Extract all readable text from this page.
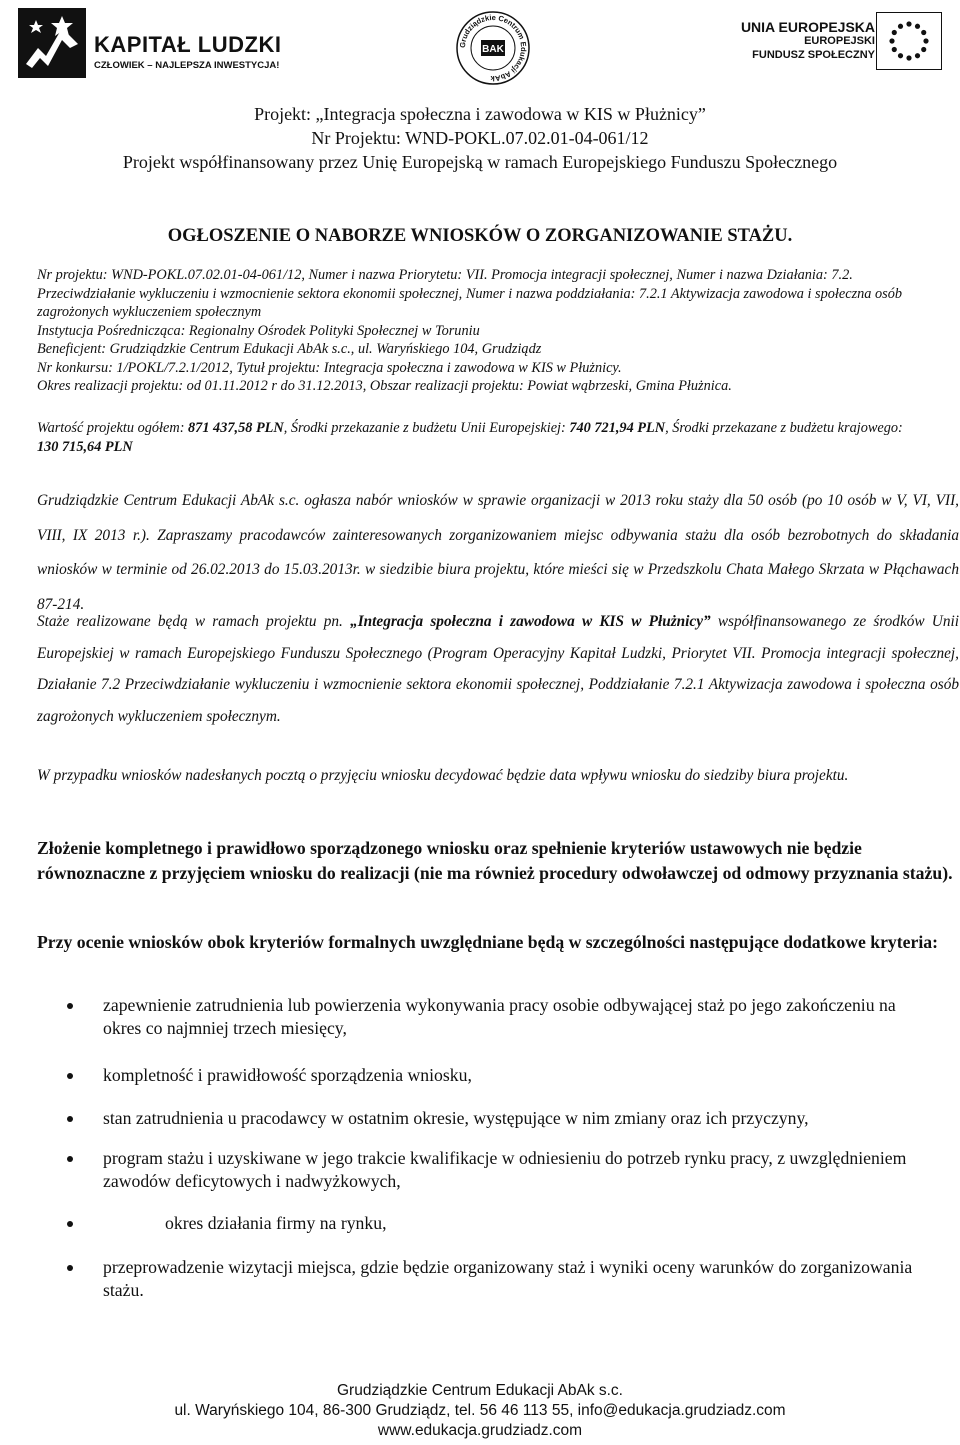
KAPITAŁ LUDZKI
CZŁOWIEK – NAJLEPSZA INWESTYCJA!
Grudziądzkie Centrum Edukacji AbAk
BAK
UNIA EUROPEJSKA
EUROPEJSKI
FUNDUSZ SPOŁECZNY
Projekt: „Integracja społeczna i zawodowa w KIS w Płużnicy”
Nr Projektu: WND-POKL.07.02.01-04-061/12
Projekt współfinansowany przez Unię Europejską w ramach Europejskiego Funduszu Społecznego
OGŁOSZENIE O NABORZE WNIOSKÓW O ZORGANIZOWANIE STAŻU.

Nr projektu: WND-POKL.07.02.01-04-061/12, Numer i nazwa Priorytetu: VII. Promocja integracji społecznej, Numer i nazwa Działania: 7.2. Przeciwdziałanie wykluczeniu i wzmocnienie sektora ekonomii społecznej, Numer i nazwa poddziałania: 7.2.1 Aktywizacja zawodowa i społeczna osób zagrożonych wykluczeniem społecznym

Instytucja Pośrednicząca: Regionalny Ośrodek Polityki Społecznej w Toruniu

Beneficjent: Grudziądzkie Centrum Edukacji AbAk s.c., ul. Waryńskiego 104, Grudziądz

Nr konkursu: 1/POKL/7.2.1/2012, Tytuł projektu: Integracja społeczna i zawodowa w KIS w Płużnicy.

Okres realizacji projektu: od 01.11.2012 r do 31.12.2013, Obszar realizacji projektu: Powiat wąbrzeski, Gmina Płużnica.

Wartość projektu ogółem: 871 437,58 PLN, Środki przekazanie z budżetu Unii Europejskiej: 740 721,94 PLN, Środki przekazane z budżetu krajowego: 130 715,64 PLN

Grudziądzkie Centrum Edukacji AbAk s.c. ogłasza nabór wniosków w sprawie organizacji w 2013 roku staży dla 50 osób (po 10 osób w V, VI, VII, VIII, IX 2013 r.). Zapraszamy pracodawców zainteresowanych zorganizowaniem miejsc odbywania stażu dla osób bezrobotnych do składania wniosków w terminie od 26.02.2013 do 15.03.2013r. w siedzibie biura projektu, które mieści się w Przedszkolu Chata Małego Skrzata w Płąchawach 87-214.

Staże realizowane będą w ramach projektu pn. „Integracja społeczna i zawodowa w KIS w Płużnicy” współfinansowanego ze środków Unii Europejskiej w ramach Europejskiego Funduszu Społecznego (Program Operacyjny Kapitał Ludzki, Priorytet VII. Promocja integracji społecznej, Działanie 7.2 Przeciwdziałanie wykluczeniu i wzmocnienie sektora ekonomii społecznej, Poddziałanie 7.2.1 Aktywizacja zawodowa i społeczna osób zagrożonych wykluczeniem społecznym.

W przypadku wniosków nadesłanych pocztą o przyjęciu wniosku decydować będzie data wpływu wniosku do siedziby biura projektu.

Złożenie kompletnego i prawidłowo sporządzonego wniosku oraz spełnienie kryteriów ustawowych nie będzie równoznaczne z przyjęciem wniosku do realizacji (nie ma również procedury odwoławczej od odmowy przyznania stażu).

Przy ocenie wniosków obok kryteriów formalnych uwzględniane będą w szczególności następujące dodatkowe kryteria:

zapewnienie zatrudnienia lub powierzenia wykonywania pracy osobie odbywającej staż po jego zakończeniu na okres co najmniej trzech miesięcy,
kompletność i prawidłowość sporządzenia wniosku,
stan zatrudnienia u pracodawcy w ostatnim okresie, występujące w nim zmiany oraz ich przyczyny,
program stażu i uzyskiwane w jego trakcie kwalifikacje w odniesieniu do potrzeb rynku pracy, z uwzględnieniem zawodów deficytowych i nadwyżkowych,
okres działania firmy na rynku,
przeprowadzenie wizytacji miejsca, gdzie będzie organizowany staż i wyniki oceny warunków do zorganizowania stażu.
Grudziądzkie Centrum Edukacji AbAk s.c.
ul. Waryńskiego 104, 86-300 Grudziądz, tel. 56 46 113 55, info@edukacja.grudziadz.com
www.edukacja.grudziadz.com
